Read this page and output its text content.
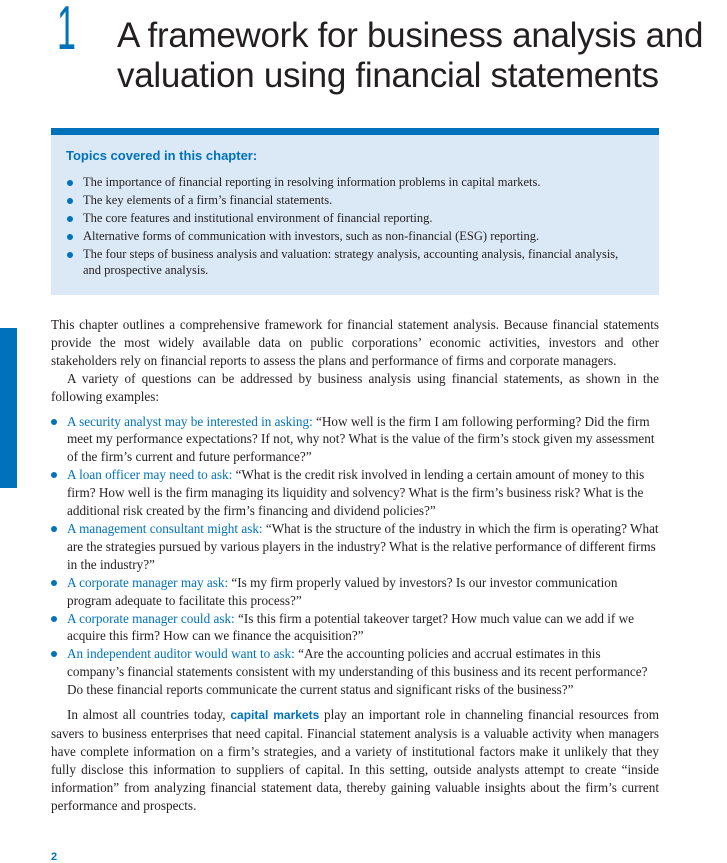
1 A framework for business analysis and valuation using financial statements
Topics covered in this chapter:
The importance of financial reporting in resolving information problems in capital markets.
The key elements of a firm’s financial statements.
The core features and institutional environment of financial reporting.
Alternative forms of communication with investors, such as non-financial (ESG) reporting.
The four steps of business analysis and valuation: strategy analysis, accounting analysis, financial analysis, and prospective analysis.

This chapter outlines a comprehensive framework for financial statement analysis. Because financial statements provide the most widely available data on public corporations’ economic activities, investors and other stakeholders rely on financial reports to assess the plans and performance of firms and corporate managers.

A variety of questions can be addressed by business analysis using financial statements, as shown in the following examples:

A security analyst may be interested in asking: “How well is the firm I am following performing? Did the firm meet my performance expectations? If not, why not? What is the value of the firm’s stock given my assessment of the firm’s current and future performance?”
A loan officer may need to ask: “What is the credit risk involved in lending a certain amount of money to this firm? How well is the firm managing its liquidity and solvency? What is the firm’s business risk? What is the additional risk created by the firm’s financing and dividend policies?”
A management consultant might ask: “What is the structure of the industry in which the firm is operating? What are the strategies pursued by various players in the industry? What is the relative performance of different firms in the industry?”
A corporate manager may ask: “Is my firm properly valued by investors? Is our investor communication program adequate to facilitate this process?”
A corporate manager could ask: “Is this firm a potential takeover target? How much value can we add if we acquire this firm? How can we finance the acquisition?”
An independent auditor would want to ask: “Are the accounting policies and accrual estimates in this company’s financial statements consistent with my understanding of this business and its recent performance? Do these financial reports communicate the current status and significant risks of the business?”

In almost all countries today, capital markets play an important role in channeling financial resources from savers to business enterprises that need capital. Financial statement analysis is a valuable activity when managers have complete information on a firm’s strategies, and a variety of institutional factors make it unlikely that they fully disclose this information to suppliers of capital. In this setting, outside analysts attempt to create “inside information” from analyzing financial statement data, thereby gaining valuable insights about the firm’s current performance and prospects.

2
